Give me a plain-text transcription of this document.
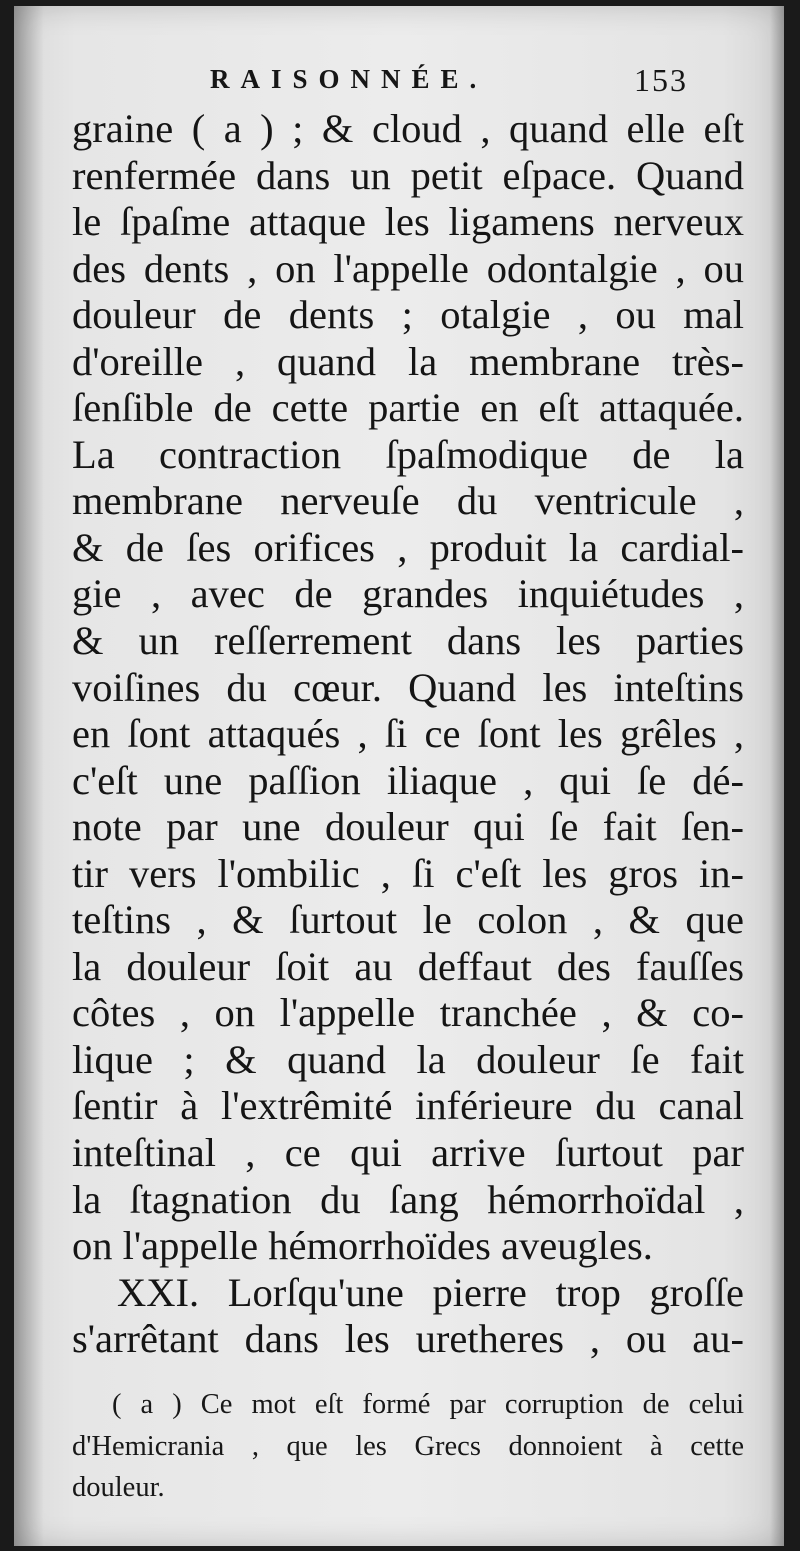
RAISONNÉE.	153
graine ( a ) ; & cloud , quand elle eſt
renfermée dans un petit eſpace. Quand
le ſpaſme attaque les ligamens nerveux
des dents , on l'appelle odontalgie , ou
douleur de dents ; otalgie , ou mal
d'oreille , quand la membrane très-
ſenſible de cette partie en eſt attaquée.
La contraction ſpaſmodique de la
membrane nerveuſe du ventricule ,
& de ſes orifices , produit la cardial-
gie , avec de grandes inquiétudes ,
& un reſſerrement dans les parties
voiſines du cœur. Quand les inteſtins
en ſont attaqués , ſi ce ſont les grêles ,
c'eſt une paſſion iliaque , qui ſe dé-
note par une douleur qui ſe fait ſen-
tir vers l'ombilic , ſi c'eſt les gros in-
teſtins , & ſurtout le colon , & que
la douleur ſoit au deffaut des fauſſes
côtes , on l'appelle tranchée , & co-
lique ; & quand la douleur ſe fait
ſentir à l'extrêmité inférieure du canal
inteſtinal , ce qui arrive ſurtout par
la ſtagnation du ſang hémorrhoïdal ,
on l'appelle hémorrhoïdes aveugles.
XXI. Lorſqu'une pierre trop groſſe
s'arrêtant dans les uretheres , ou au-
( a ) Ce mot eſt formé par corruption de celui
d'Hemicrania , que les Grecs donnoient à cette
douleur.
